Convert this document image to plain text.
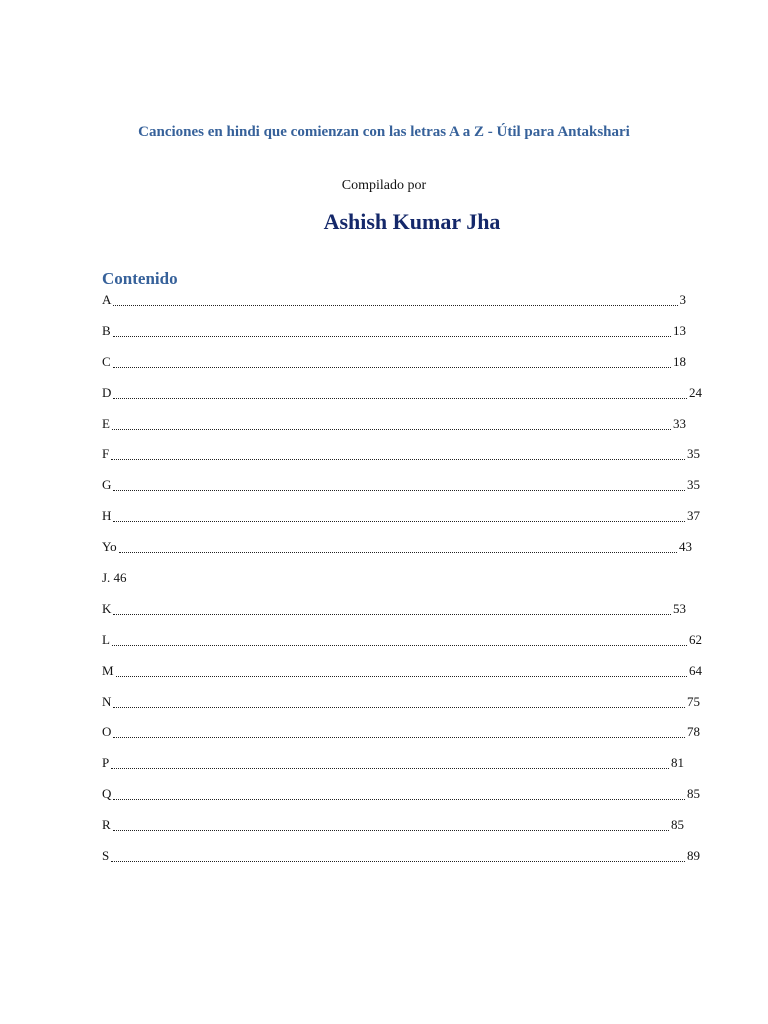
Canciones en hindi que comienzan con las letras A a Z - Útil para Antakshari
Compilado por
Ashish Kumar Jha
Contenido
A	3
B	13
C	18
D	24
E	33
F	35
G	35
H	37
Yo	43
J. 46
K	53
L	62
M	64
N	75
O	78
P	81
Q	85
R	85
S	89
